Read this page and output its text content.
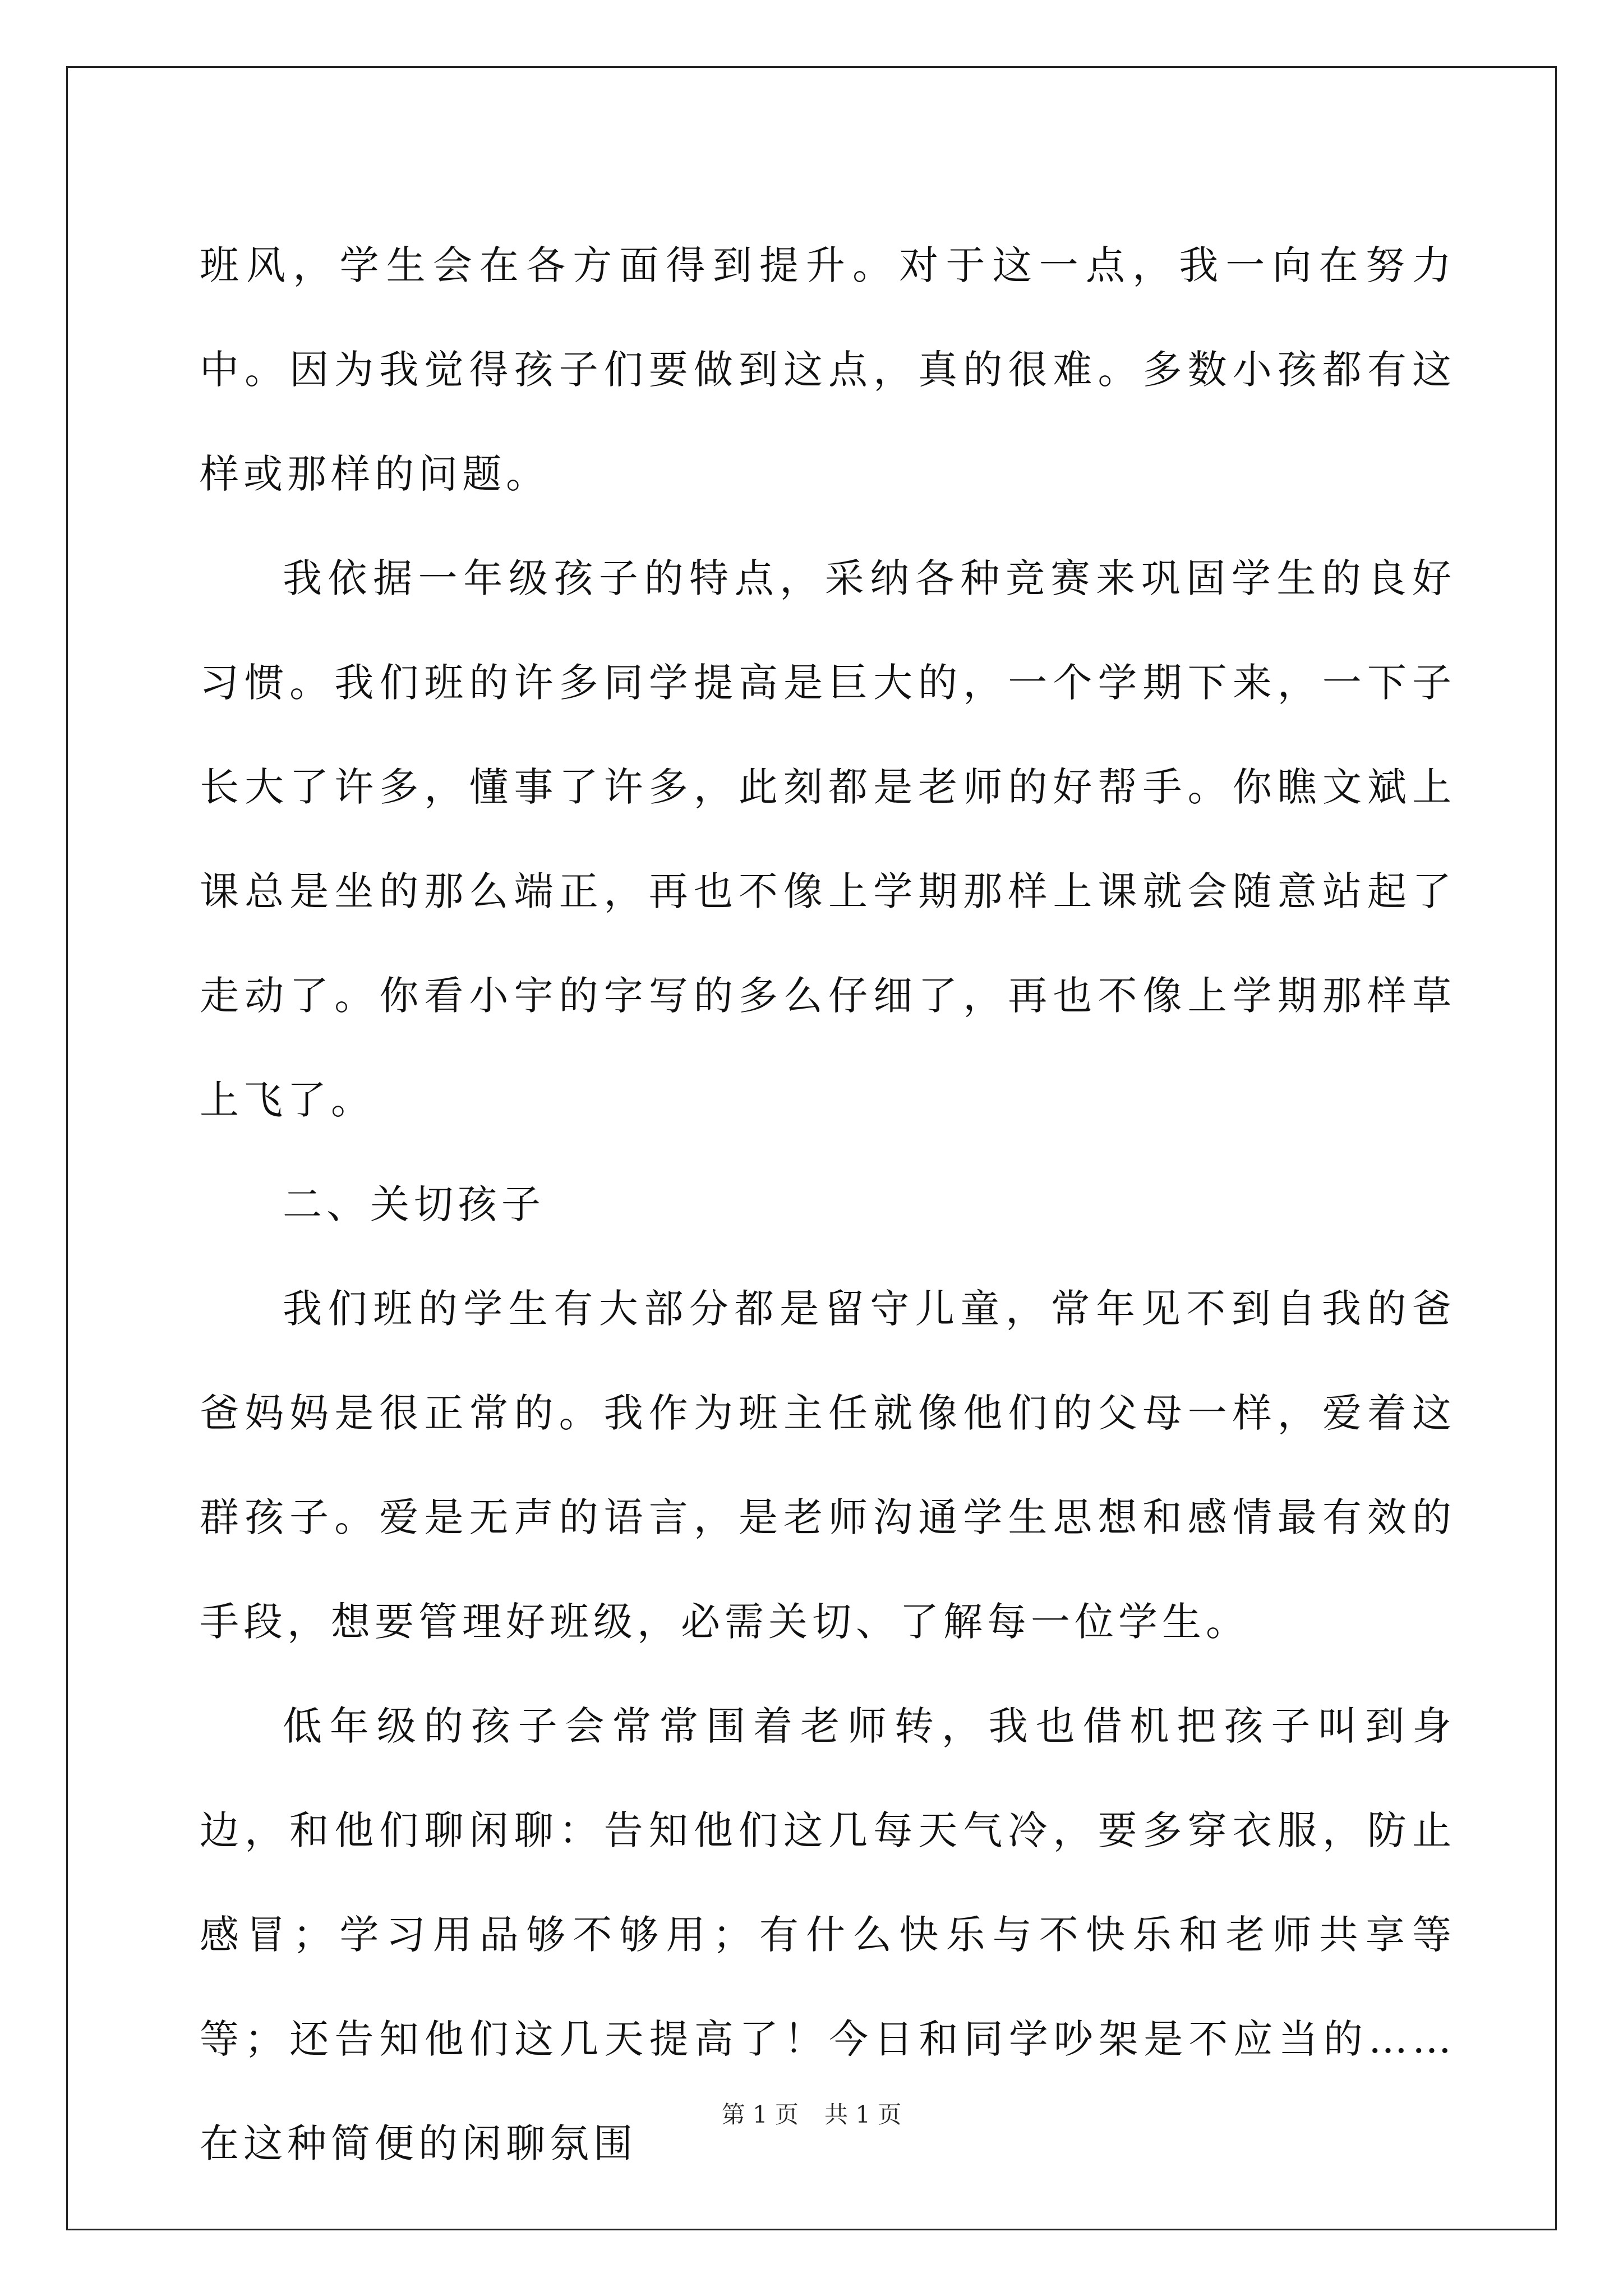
班风，学生会在各方面得到提升。对于这一点，我一向在努力中。因为我觉得孩子们要做到这点，真的很难。多数小孩都有这样或那样的问题。

我依据一年级孩子的特点，采纳各种竞赛来巩固学生的良好习惯。我们班的许多同学提高是巨大的，一个学期下来，一下子长大了许多，懂事了许多，此刻都是老师的好帮手。你瞧文斌上课总是坐的那么端正，再也不像上学期那样上课就会随意站起了走动了。你看小宇的字写的多么仔细了，再也不像上学期那样草上飞了。

二、关切孩子

我们班的学生有大部分都是留守儿童，常年见不到自我的爸爸妈妈是很正常的。我作为班主任就像他们的父母一样，爱着这群孩子。爱是无声的语言，是老师沟通学生思想和感情最有效的手段，想要管理好班级，必需关切、了解每一位学生。

低年级的孩子会常常围着老师转，我也借机把孩子叫到身边，和他们聊闲聊：告知他们这几每天气冷，要多穿衣服，防止感冒；学习用品够不够用；有什么快乐与不快乐和老师共享等等；还告知他们这几天提高了！今日和同学吵架是不应当的……在这种简便的闲聊氛围

第 1 页 共 1 页
